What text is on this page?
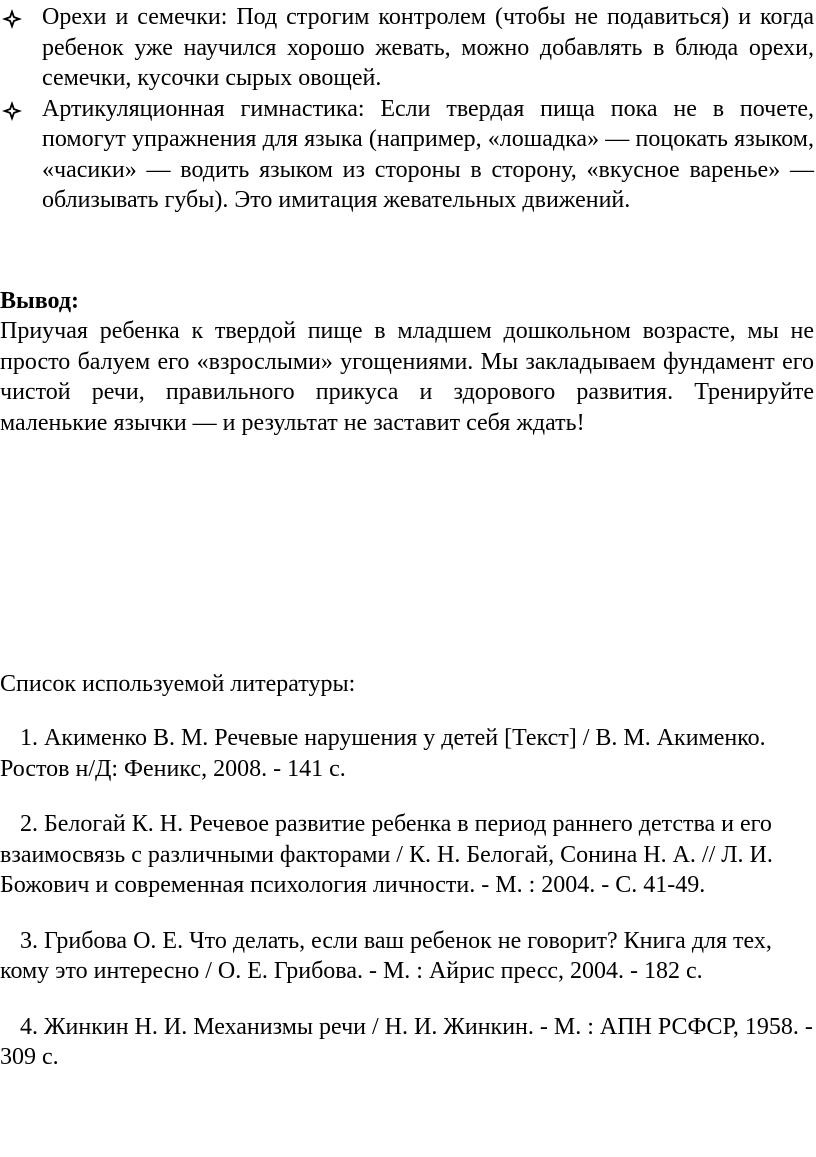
Орехи и семечки: Под строгим контролем (чтобы не подавиться) и когда ребенок уже научился хорошо жевать, можно добавлять в блюда орехи, семечки, кусочки сырых овощей.
Артикуляционная гимнастика: Если твердая пища пока не в почете, помогут упражнения для языка (например, «лошадка» — поцокать языком, «часики» — водить языком из стороны в сторону, «вкусное варенье» — облизывать губы). Это имитация жевательных движений.
Вывод:
Приучая ребенка к твердой пище в младшем дошкольном возрасте, мы не просто балуем его «взрослыми» угощениями. Мы закладываем фундамент его чистой речи, правильного прикуса и здорового развития. Тренируйте маленькие язычки — и результат не заставит себя ждать!
Список используемой литературы:

1. Акименко В. М. Речевые нарушения у детей [Текст] / В. М. Акименко. Ростов н/Д: Феникс, 2008. - 141 с.

2. Белогай К. Н. Речевое развитие ребенка в период раннего детства и его взаимосвязь с различными факторами / К. Н. Белогай, Сонина Н. А. // Л. И. Божович и современная психология личности. - М. : 2004. - С. 41-49.

3. Грибова О. Е. Что делать, если ваш ребенок не говорит? Книга для тех, кому это интересно / О. Е. Грибова. - М. : Айрис пресс, 2004. - 182 с.

4. Жинкин Н. И. Механизмы речи / Н. И. Жинкин. - М. : АПН РСФСР, 1958. - 309 с.
